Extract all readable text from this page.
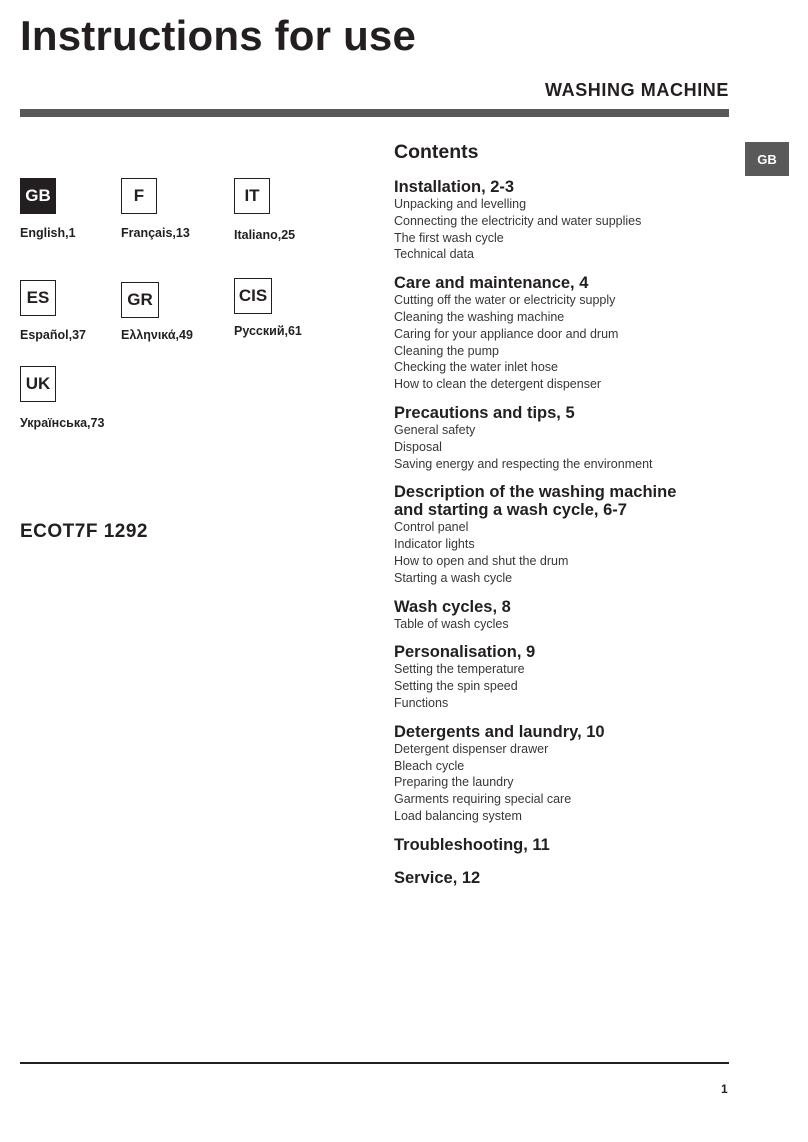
Instructions for use
WASHING MACHINE
GB
GB
English,1
F
Français,13
IT
Italiano,25
ES
Español,37
GR
Ελληνικά,49
CIS
Русский,61
UK
Українська,73
ECOT7F 1292
Contents
Installation, 2-3
Unpacking and levelling
Connecting the electricity and water supplies
The first wash cycle
Technical data
Care and maintenance, 4
Cutting off the water or electricity supply
Cleaning the washing machine
Caring for your appliance door and drum
Cleaning the pump
Checking the water inlet hose
How to clean the detergent dispenser
Precautions and tips, 5
General safety
Disposal
Saving energy and respecting the environment
Description of the washing machine
and starting a wash cycle, 6-7
Control panel
Indicator lights
How to open and shut the drum
Starting a wash cycle
Wash cycles, 8
Table of wash cycles
Personalisation, 9
Setting the temperature
Setting the spin speed
Functions
Detergents and laundry, 10
Detergent dispenser drawer
Bleach cycle
Preparing the laundry
Garments requiring special care
Load balancing system
Troubleshooting, 11
Service, 12
1
